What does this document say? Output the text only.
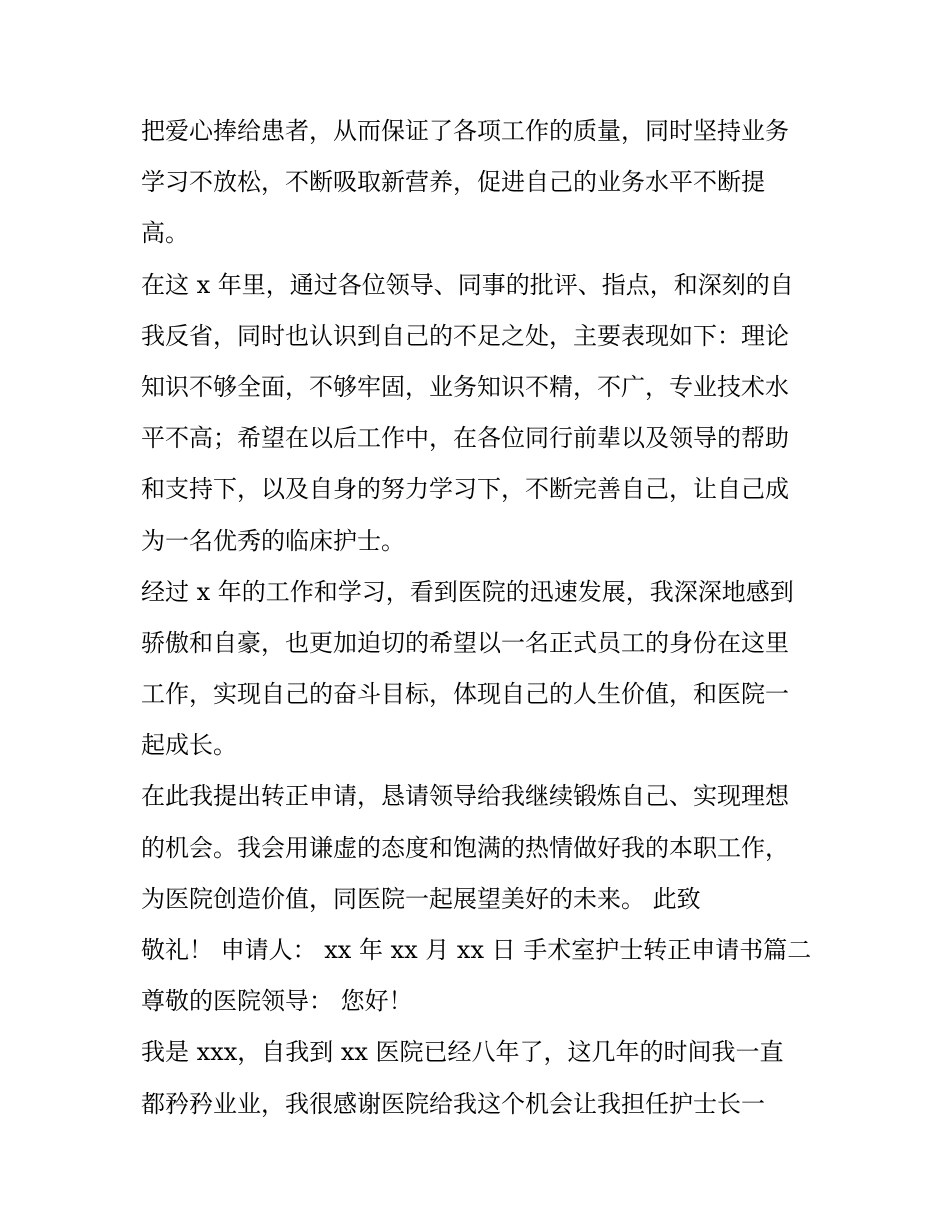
把爱心捧给患者，从而保证了各项工作的质量，同时坚持业务
学习不放松，不断吸取新营养，促进自己的业务水平不断提
高。
在这 x 年里，通过各位领导、同事的批评、指点，和深刻的自
我反省，同时也认识到自己的不足之处，主要表现如下：理论
知识不够全面，不够牢固，业务知识不精，不广，专业技术水
平不高；希望在以后工作中，在各位同行前辈以及领导的帮助
和支持下，以及自身的努力学习下，不断完善自己，让自己成
为一名优秀的临床护士。
经过 x 年的工作和学习，看到医院的迅速发展，我深深地感到
骄傲和自豪，也更加迫切的希望以一名正式员工的身份在这里
工作，实现自己的奋斗目标，体现自己的人生价值，和医院一
起成长。
在此我提出转正申请，恳请领导给我继续锻炼自己、实现理想
的机会。我会用谦虚的态度和饱满的热情做好我的本职工作，
为医院创造价值，同医院一起展望美好的未来。 此致
敬礼！ 申请人： xx 年 xx 月 xx 日 手术室护士转正申请书篇二
尊敬的医院领导： 您好！
我是 xxx，自我到 xx 医院已经八年了，这几年的时间我一直
都矜矜业业，我很感谢医院给我这个机会让我担任护士长一
